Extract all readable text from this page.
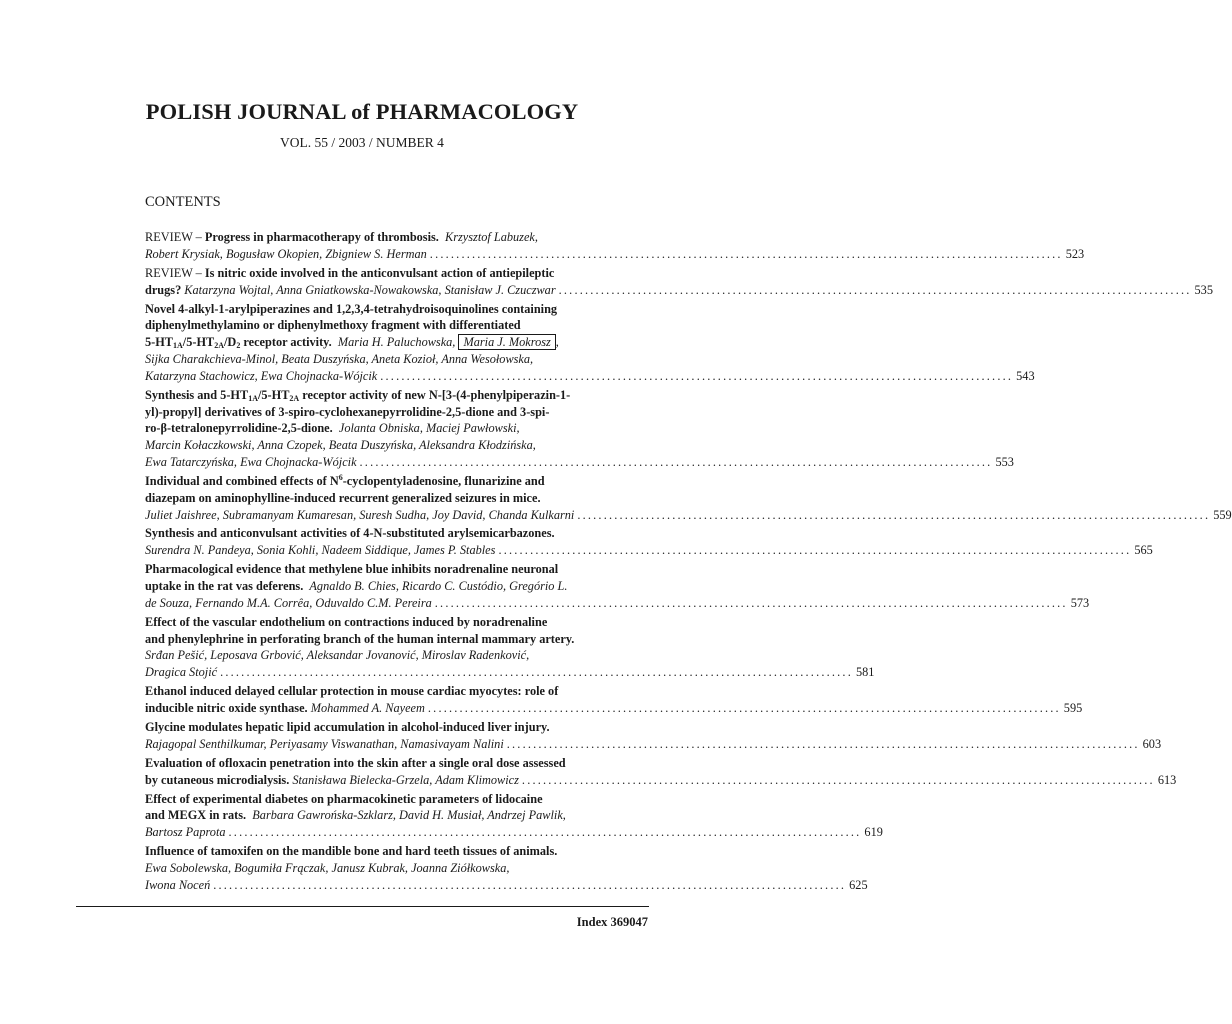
POLISH JOURNAL of PHARMACOLOGY
VOL. 55 / 2003 / NUMBER 4
CONTENTS
REVIEW – Progress in pharmacotherapy of thrombosis. Krzysztof Labuzek,
Robert Krysiak, Bogusław Okopien, Zbigniew S. Herman ........................................................................................................................ 523
REVIEW – Is nitric oxide involved in the anticonvulsant action of antiepileptic
drugs?
Katarzyna Wojtal, Anna Gniatkowska-Nowakowska, Stanisław J. Czuczwar ........................................................................................................................ 535
Novel 4-alkyl-1-arylpiperazines and 1,2,3,4-tetrahydroisoquinolines containing
diphenylmethylamino or diphenylmethoxy fragment with differentiated
$5-HT_{1A}/5-HT_{2A}/D_2$ receptor activity. Maria H. Paluchowska, Maria J. Mokrosz ,
Sijka Charakchieva-Minol, Beata Duszyńska, Aneta Kozioł, Anna Wesołowska,
Katarzyna Stachowicz, Ewa Chojnacka-Wójcik ........................................................................................................................ 543
Synthesis and $5-HT_{1A}/5-HT_{2A}$ receptor activity of new N-[3-(4-phenylpiperazin-1-
yl)-propyl] derivatives of 3-spiro-cyclohexanepyrrolidine-2,5-dione and 3-spi-
ro-β-tetralonepyrrolidine-2,5-dione. Jolanta Obniska, Maciej Pawłowski,
Marcin Kołaczkowski, Anna Czopek, Beata Duszyńska, Aleksandra Kłodzińska,
Ewa Tatarczyńska, Ewa Chojnacka-Wójcik ........................................................................................................................ 553
Individual and combined effects of $N^6$-cyclopentyladenosine, flunarizine and
diazepam on aminophylline-induced recurrent generalized seizures in mice.
Juliet Jaishree, Subramanyam Kumaresan, Suresh Sudha, Joy David, Chanda Kulkarni ........................................................................................................................ 559
Synthesis and anticonvulsant activities of 4-N-substituted arylsemicarbazones.
Surendra N. Pandeya, Sonia Kohli, Nadeem Siddique, James P. Stables ........................................................................................................................ 565
Pharmacological evidence that methylene blue inhibits noradrenaline neuronal
uptake in the rat vas deferens. Agnaldo B. Chies, Ricardo C. Custódio, Gregório L.
de Souza, Fernando M.A. Corrêa, Oduvaldo C.M. Pereira ........................................................................................................................ 573
Effect of the vascular endothelium on contractions induced by noradrenaline
and phenylephrine in perforating branch of the human internal mammary artery.
Srđan Pešić, Leposava Grbović, Aleksandar Jovanović, Miroslav Radenković,
Dragica Stojić ........................................................................................................................ 581
Ethanol induced delayed cellular protection in mouse cardiac myocytes: role of
inducible nitric oxide synthase.
Mohammed A. Nayeem ........................................................................................................................ 595
Glycine modulates hepatic lipid accumulation in alcohol-induced liver injury.
Rajagopal Senthilkumar, Periyasamy Viswanathan, Namasivayam Nalini ........................................................................................................................ 603
Evaluation of ofloxacin penetration into the skin after a single oral dose assessed
by cutaneous microdialysis.
Stanisława Bielecka-Grzela, Adam Klimowicz ........................................................................................................................ 613
Effect of experimental diabetes on pharmacokinetic parameters of lidocaine
and MEGX in rats. Barbara Gawrońska-Szklarz, David H. Musiał, Andrzej Pawlik,
Bartosz Paprota ........................................................................................................................ 619
Influence of tamoxifen on the mandible bone and hard teeth tissues of animals.
Ewa Sobolewska, Bogumiła Frączak, Janusz Kubrak, Joanna Ziółkowska,
Iwona Noceń ........................................................................................................................ 625
Index 369047
